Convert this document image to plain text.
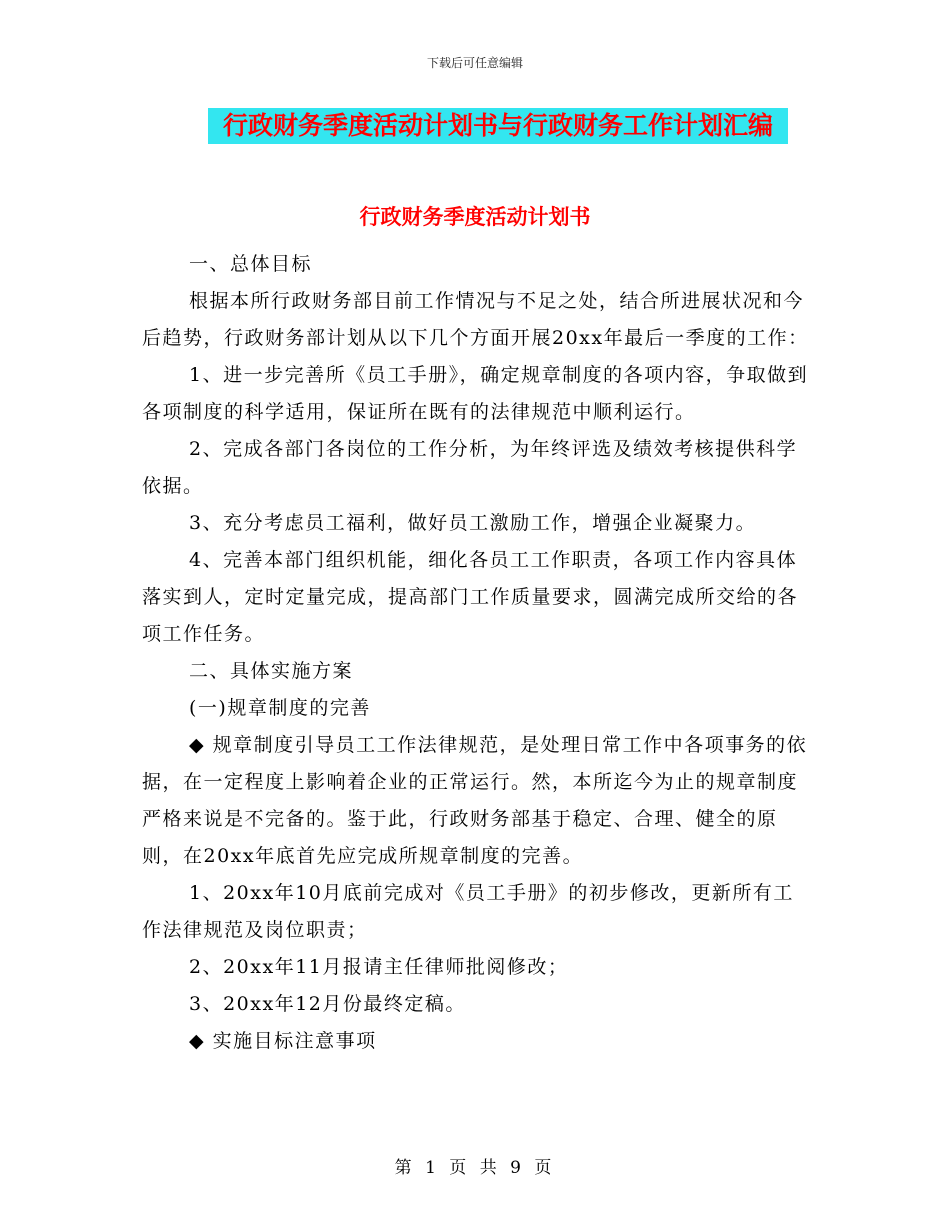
下载后可任意编辑
行政财务季度活动计划书与行政财务工作计划汇编
行政财务季度活动计划书

一、总体目标

根据本所行政财务部目前工作情况与不足之处，结合所进展状况和今后趋势，行政财务部计划从以下几个方面开展20xx年最后一季度的工作：

1、进一步完善所《员工手册》，确定规章制度的各项内容，争取做到各项制度的科学适用，保证所在既有的法律规范中顺利运行。

2、完成各部门各岗位的工作分析，为年终评选及绩效考核提供科学依据。

3、充分考虑员工福利，做好员工激励工作，增强企业凝聚力。

4、完善本部门组织机能，细化各员工工作职责，各项工作内容具体落实到人，定时定量完成，提高部门工作质量要求，圆满完成所交给的各项工作任务。

二、具体实施方案

(一)规章制度的完善

◆ 规章制度引导员工工作法律规范，是处理日常工作中各项事务的依据，在一定程度上影响着企业的正常运行。然，本所迄今为止的规章制度严格来说是不完备的。鉴于此，行政财务部基于稳定、合理、健全的原则，在20xx年底首先应完成所规章制度的完善。

1、20xx年10月底前完成对《员工手册》的初步修改，更新所有工作法律规范及岗位职责；

2、20xx年11月报请主任律师批阅修改；

3、20xx年12月份最终定稿。

◆ 实施目标注意事项

第 1 页 共 9 页
